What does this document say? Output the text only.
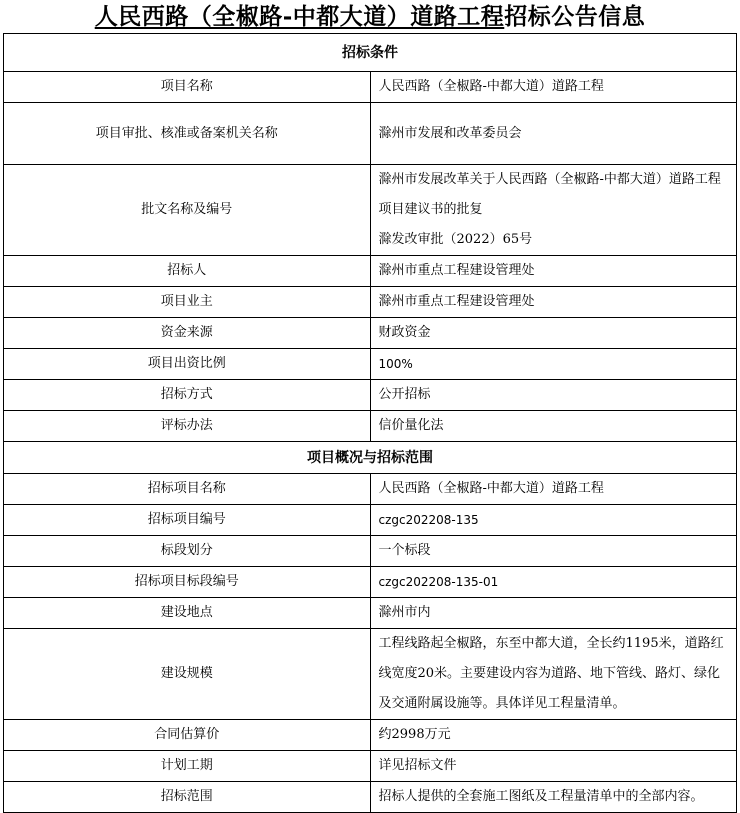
人民西路（全椒路-中都大道）道路工程招标公告信息
招标条件	
项目名称	人民西路（全椒路-中都大道）道路工程
项目审批、核准或备案机关名称	滁州市发展和改革委员会
批文名称及编号	滁州市发展改革关于人民西路（全椒路-中都大道）道路工程项目建议书的批复
滁发改审批（2022）65号

招标人	滁州市重点工程建设管理处
项目业主	滁州市重点工程建设管理处
资金来源	财政资金
项目出资比例	100%
招标方式	公开招标
评标办法	信价量化法
项目概况与招标范围	
招标项目名称	人民西路（全椒路-中都大道）道路工程
招标项目编号	czgc202208-135
标段划分	一个标段
招标项目标段编号	czgc202208-135-01
建设地点	滁州市内
建设规模	工程线路起全椒路，东至中都大道，全长约1195米，道路红线宽度20米。主要建设内容为道路、地下管线、路灯、绿化及交通附属设施等。具体详见工程量清单。
合同估算价	约2998万元
计划工期	详见招标文件
招标范围	招标人提供的全套施工图纸及工程量清单中的全部内容。
